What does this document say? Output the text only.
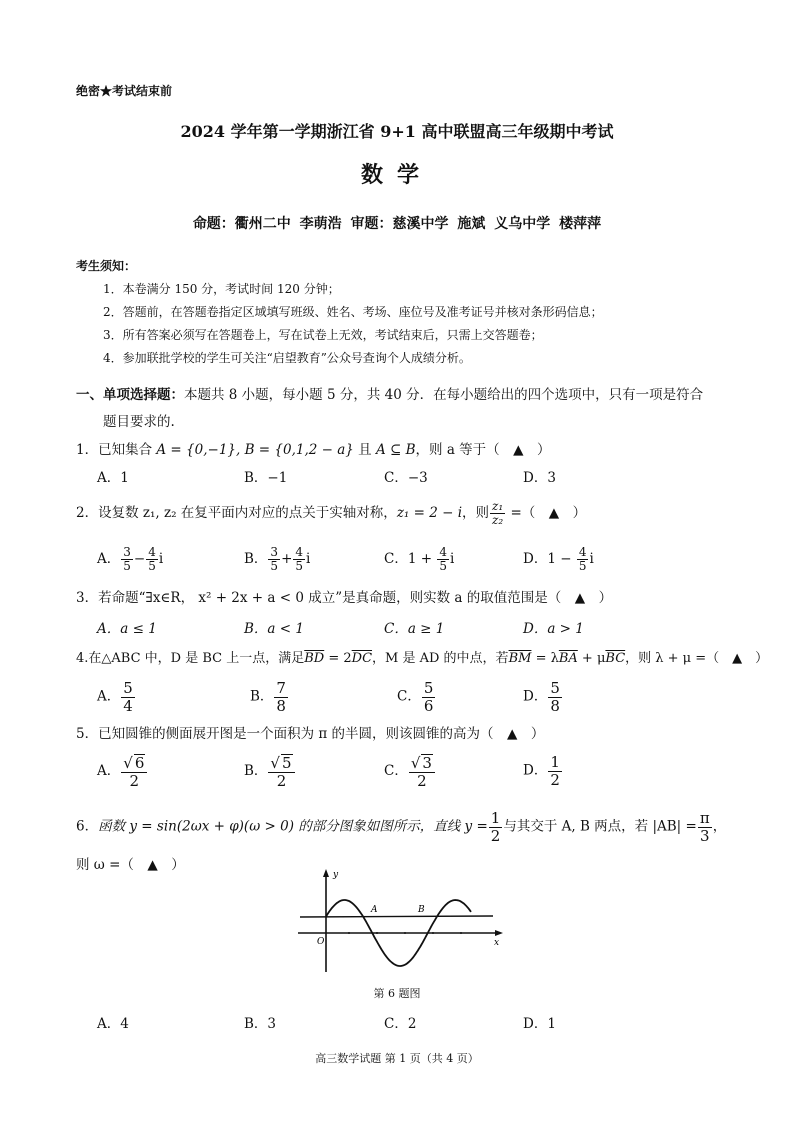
绝密★考试结束前
2024 学年第一学期浙江省 9+1 高中联盟高三年级期中考试
数学
命题：衢州二中 李萌浩 审题：慈溪中学 施斌 义乌中学 楼萍萍
考生须知：
1．本卷满分 150 分，考试时间 120 分钟；
2．答题前，在答题卷指定区域填写班级、姓名、考场、座位号及准考证号并核对条形码信息；
3．所有答案必须写在答题卷上，写在试卷上无效，考试结束后，只需上交答题卷；
4．参加联批学校的学生可关注“启望教育”公众号查询个人成绩分析。
一、单项选择题：本题共 8 小题，每小题 5 分，共 40 分．在每小题给出的四个选项中，只有一项是符合
题目要求的.
1．已知集合 A = {0,−1}, B = {0,1,2 − a} 且 A ⊆ B，则 a 等于（　▲　）
A．1	B．−1	C．−3	D．3
2．设复数 z₁, z₂ 在复平面内对应的点关于实轴对称，z₁ = 2 − i，则 $\frac{\text{z₁}}{\text{z₂}}$ =（　▲　）
A． $\frac{3}{5} - \frac{4}{5}$ i	B． $\frac{3}{5} + \frac{4}{5}$ i	C．$1 + \frac{4}{5}$ i	D．$1 - \frac{4}{5}$ i
3．若命题“∃x∈R， x² + 2x + a < 0 成立”是真命题，则实数 a 的取值范围是（　▲　）
A．a ≤ 1	B．a < 1	C．a ≥ 1	D．a > 1
4.在△ABC 中，D 是 BC 上一点，满足$\overline{BD} = 2\overline{DC}$，M 是 AD 的中点，若$\overline{BM} = \lambda\overline{BA} + \mu\overline{BC}$，则 λ + μ =（　▲　）
A． $\frac{5}{4}$	B． $\frac{7}{8}$	C． $\frac{5}{6}$	D． $\frac{5}{8}$
5．已知圆锥的侧面展开图是一个面积为 π 的半圆，则该圆锥的高为（　▲　）
A． $\frac{√ 6}{2}$	B． $\frac{√ 5}{2}$	C． $\frac{√ 3}{2}$	D． $\frac{1}{2}$
6．函数 y = sin(2ωx + φ)(ω > 0) 的部分图象如图所示，直线 $y = \frac{1}{2}$ 与其交于 A, B 两点，若 $|AB| = \frac{\pi}{3}$ ，
则 ω =（　▲　）
y
x
O
A	B
第 6 题图
A．4	B．3	C．2	D．1
高三数学试题 第 1 页（共 4 页）
